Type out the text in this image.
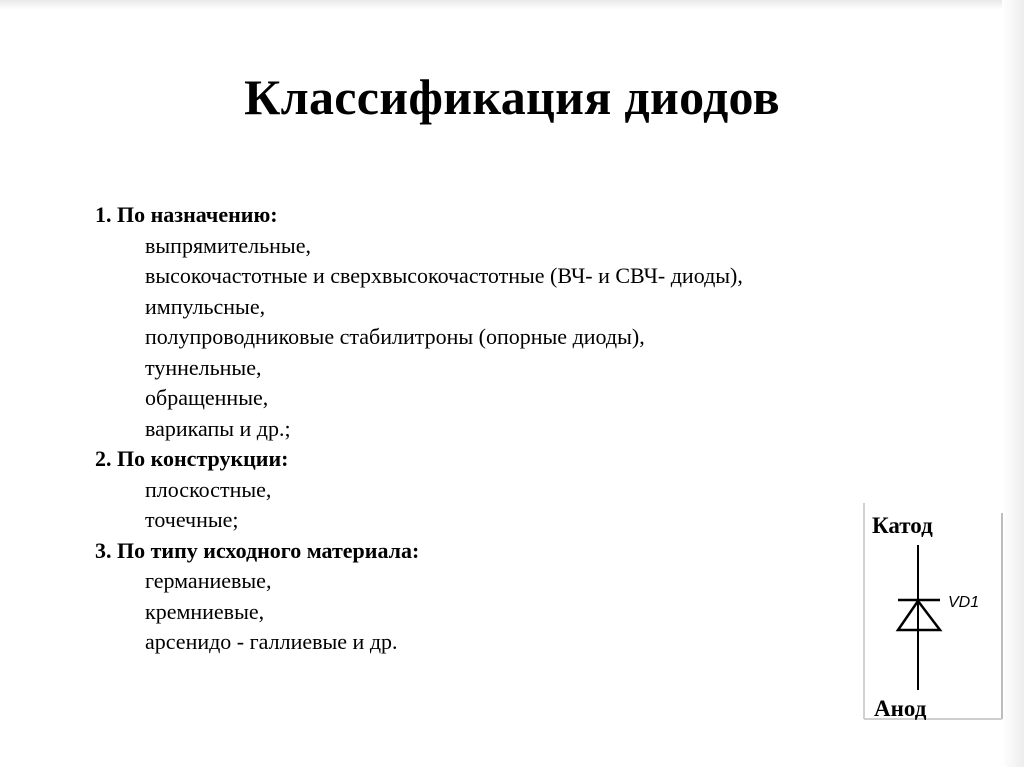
Классификация диодов
1. По назначению:
выпрямительные,
высокочастотные и сверхвысокочастотные (ВЧ- и СВЧ- диоды),
импульсные,
полупроводниковые стабилитроны (опорные диоды),
туннельные,
обращенные,
варикапы и др.;
2. По конструкции:
плоскостные,
точечные;
3. По типу исходного материала:
германиевые,
кремниевые,
арсенидо - галлиевые и др.
Катод
Анод
VD1
